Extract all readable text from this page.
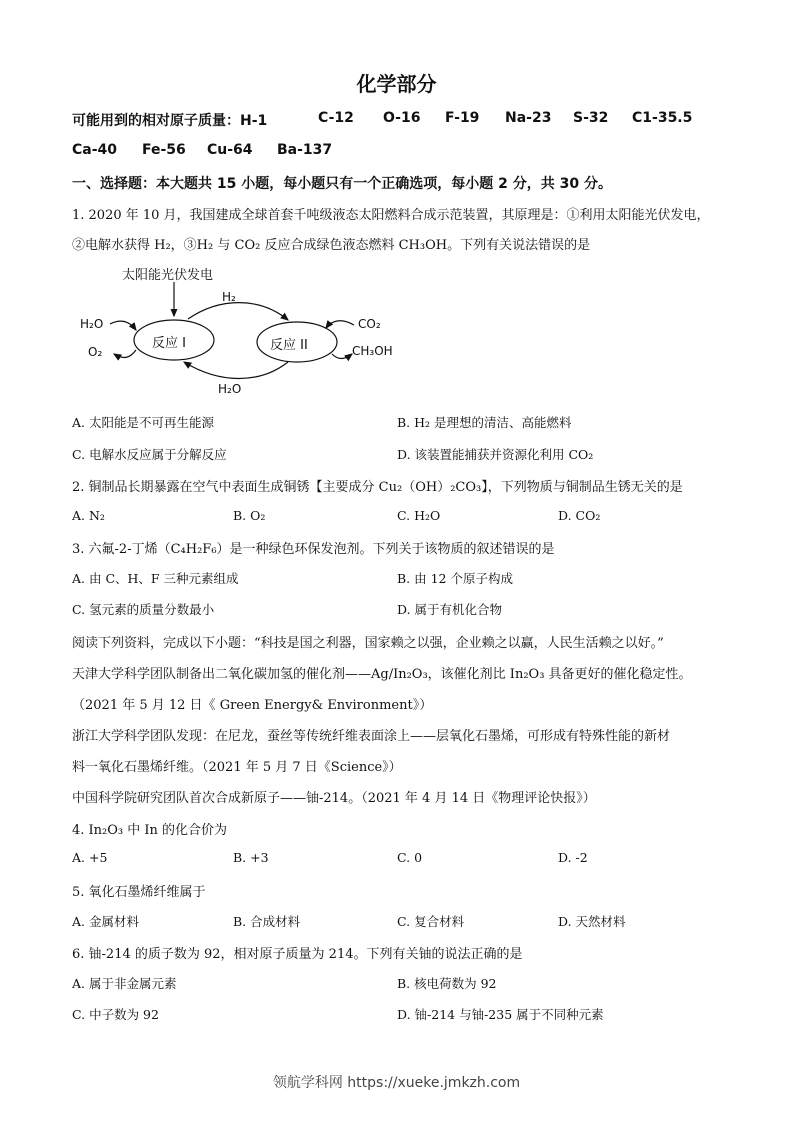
化学部分
可能用到的相对原子质量：H-1	C-12 O-16 F-19 Na-23 S-32 C1-35.5
Ca-40 Fe-56 Cu-64 Ba-137
一、选择题：本大题共 15 小题，每小题只有一个正确选项，每小题 2 分，共 30 分。
1. 2020 年 10 月，我国建成全球首套千吨级液态太阳燃料合成示范装置，其原理是：①利用太阳能光伏发电，
②电解水获得 H₂，③H₂ 与 CO₂ 反应合成绿色液态燃料 CH₃OH。下列有关说法错误的是
太阳能光伏发电
H₂
H₂O
O₂
反应 I	反应 II
CO₂
CH₃OH
H₂O
A. 太阳能是不可再生能源	B. H₂ 是理想的清洁、高能燃料
C. 电解水反应属于分解反应	D. 该装置能捕获并资源化利用 CO₂
2. 铜制品长期暴露在空气中表面生成铜锈【主要成分 Cu₂（OH）₂CO₃】，下列物质与铜制品生锈无关的是
A. N₂	B. O₂	C. H₂O	D. CO₂
3. 六氟-2-丁烯（C₄H₂F₆）是一种绿色环保发泡剂。下列关于该物质的叙述错误的是
A. 由 C、H、F 三种元素组成	B. 由 12 个原子构成
C. 氢元素的质量分数最小	D. 属于有机化合物
阅读下列资料，完成以下小题：“科技是国之利器，国家赖之以强，企业赖之以赢，人民生活赖之以好。”
天津大学科学团队制备出二氧化碳加氢的催化剂——Ag/In₂O₃，该催化剂比 In₂O₃ 具备更好的催化稳定性。
（2021 年 5 月 12 日《 Green Energy& Environment》）
浙江大学科学团队发现：在尼龙，蚕丝等传统纤维表面涂上——层氧化石墨烯，可形成有特殊性能的新材
料一氧化石墨烯纤维。（2021 年 5 月 7 日《Science》）
中国科学院研究团队首次合成新原子——铀-214。（2021 年 4 月 14 日《物理评论快报》）
4. In₂O₃ 中 In 的化合价为
A. +5	B. +3	C. 0	D. -2
5. 氧化石墨烯纤维属于
A. 金属材料	B. 合成材料	C. 复合材料	D. 天然材料
6. 铀-214 的质子数为 92，相对原子质量为 214。下列有关铀的说法正确的是
A. 属于非金属元素	B. 核电荷数为 92
C. 中子数为 92	D. 铀-214 与铀-235 属于不同种元素
领航学科网 https://xueke.jmkzh.com
